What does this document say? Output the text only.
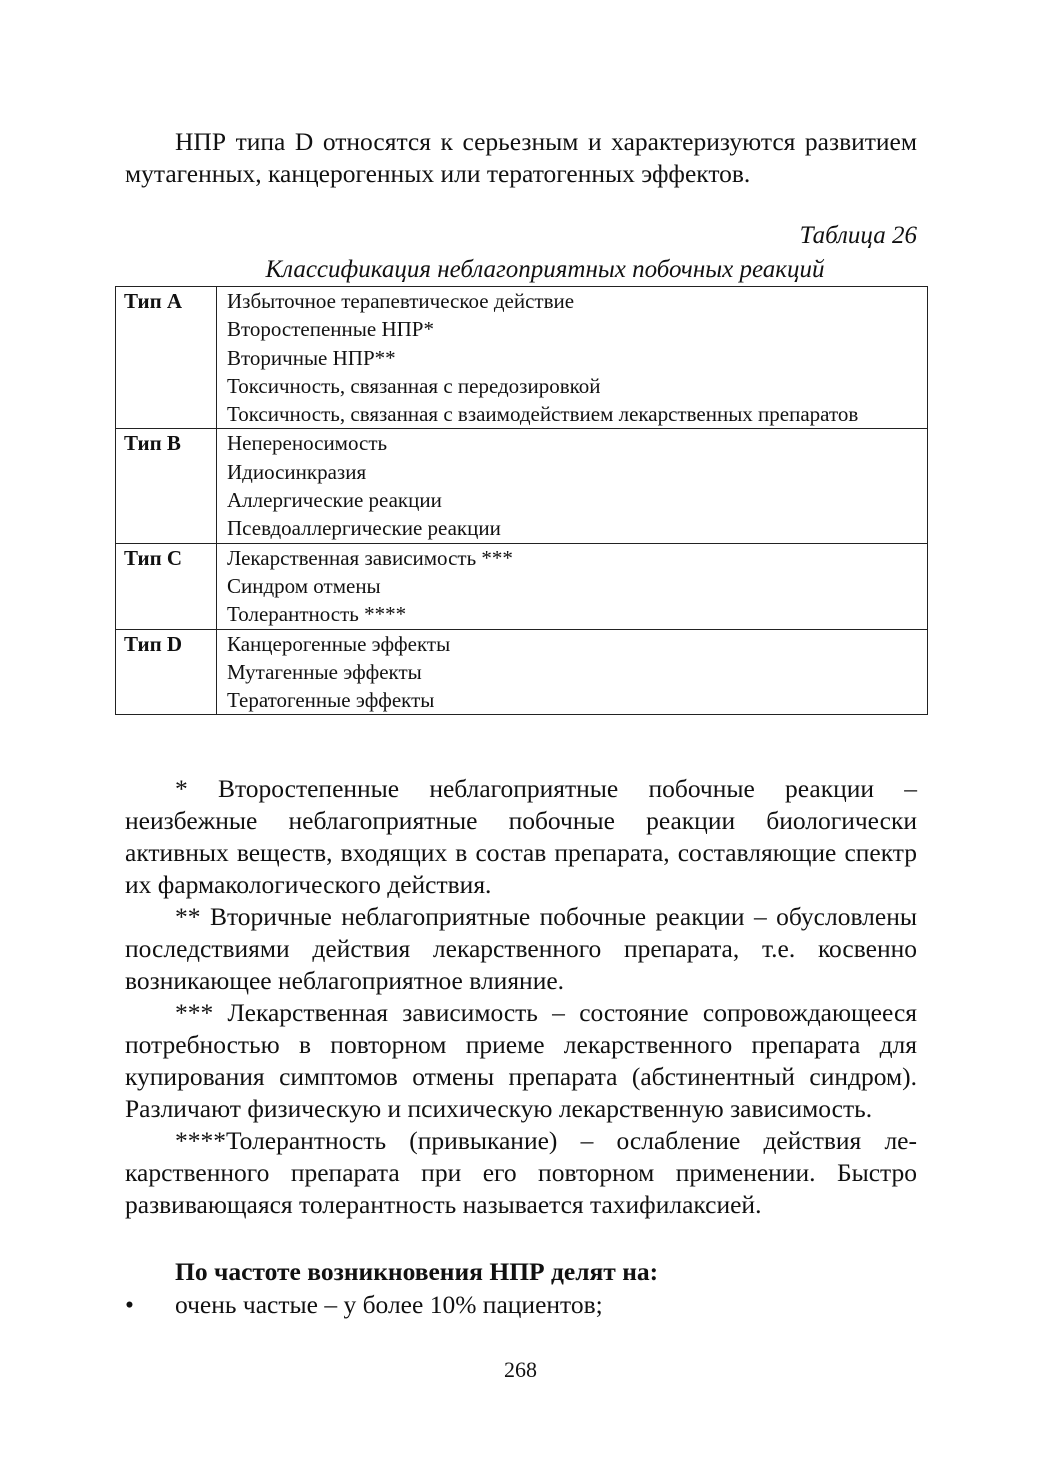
НПР типа D относятся к серьезным и характеризуются развитием мутагенных, канцерогенных или тератогенных эффектов.

Таблица 26

Классификация неблагоприятных побочных реакций

Тип А	Избыточное терапевтическое действие
Второстепенные НПР*
Вторичные НПР**
Токсичность, связанная с передозировкой
Токсичность, связанная с взаимодействием лекарственных препаратов

Тип В	Непереносимость
Идиосинкразия
Аллергические реакции
Псевдоаллергические реакции

Тип С	Лекарственная зависимость ***
Синдром отмены
Толерантность ****

Тип D	Канцерогенные эффекты
Мутагенные эффекты
Тератогенные эффекты

* Второстепенные неблагоприятные побочные реакции – неизбежные неблагоприятные побочные реакции биологически активных веществ, входящих в состав препарата, составляющие спектр их фармакологического действия.

** Вторичные неблагоприятные побочные реакции – обусловлены последствиями действия лекарственного препарата, т.е. косвенно возникающее неблагоприятное влияние.

*** Лекарственная зависимость – состояние сопровождающееся потребностью в повторном приеме лекарственного препарата для купирования симптомов отмены препарата (абстинентный синдром). Различают физическую и психическую лекарственную зависимость.

****Толерантность (привыкание) – ослабление действия лекарственного препарата при его повторном применении. Быстро развивающаяся толерантность называется тахифилаксией.

По частоте возникновения НПР делят на:

• очень частые – у более 10% пациентов;

268
